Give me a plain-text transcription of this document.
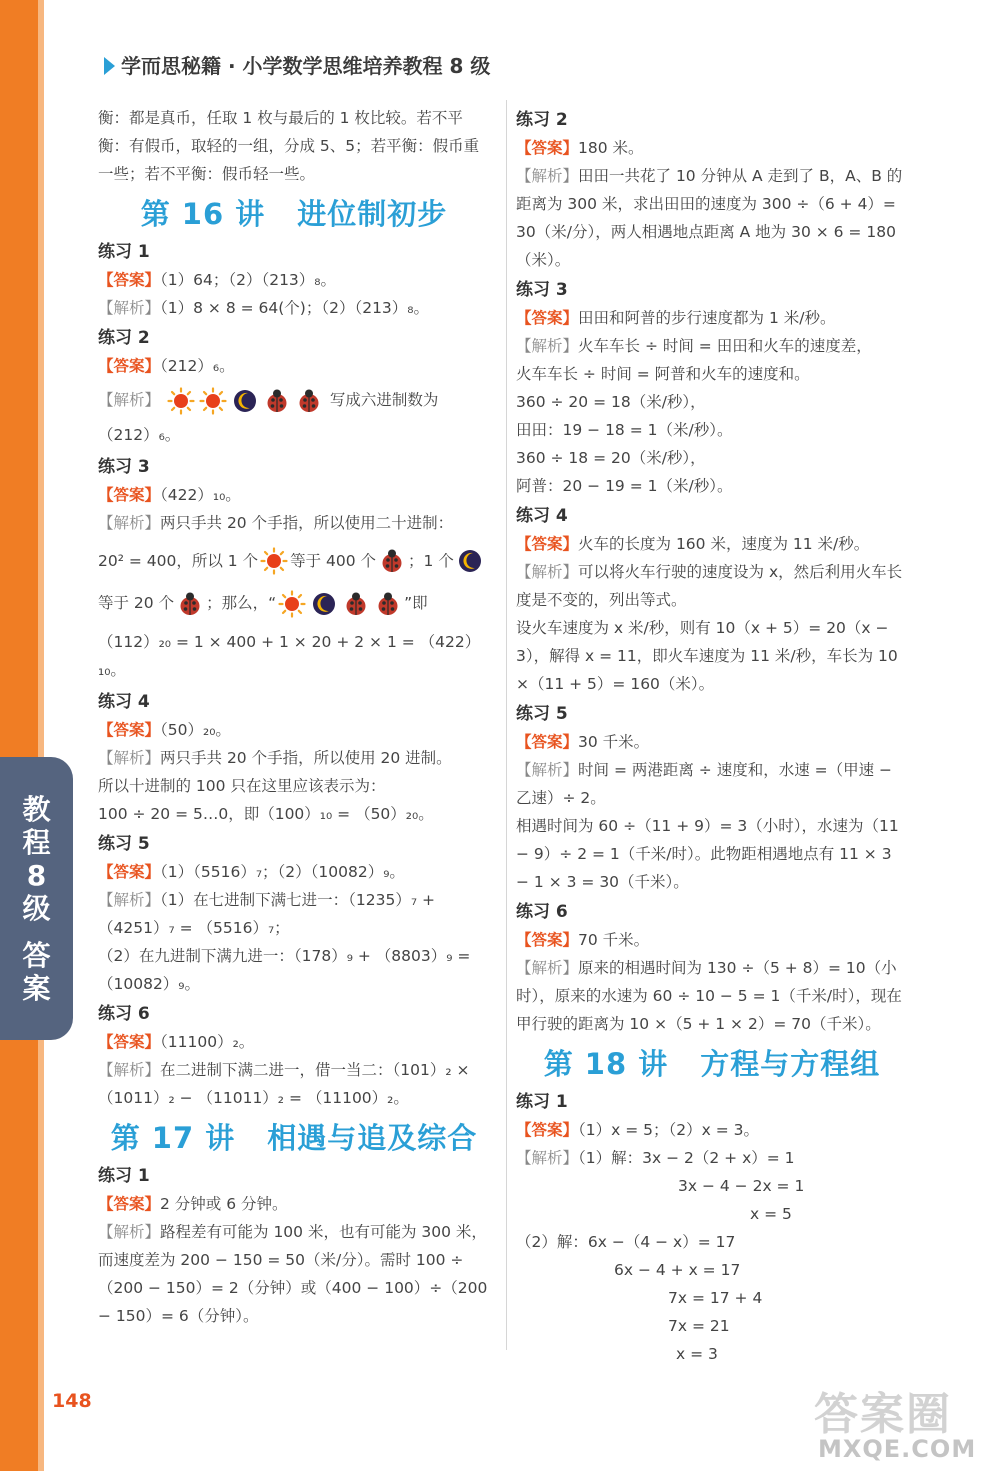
教
程
8
级
答
案
学而思秘籍 · 小学数学思维培养教程 8 级

衡：都是真币，任取 1 枚与最后的 1 枚比较。若不平衡：有假币，取轻的一组，分成 5、5；若平衡：假币重一些；若不平衡：假币轻一些。

第 16 讲 进位制初步
练习 1

【答案】（1）64；（2）（213）₈。

【解析】（1）8 × 8 = 64(个)；（2）（213）₈。

练习 2

【答案】（212）₆。

【解析】	写成六进制数为

（212）₆。

练习 3

【答案】（422）₁₀。

【解析】两只手共 20 个手指，所以使用二十进制：

20² = 400，所以 1 个 等于 400 个 ；1 个

等于 20 个 ；那么，“	”即

（112）₂₀ = 1 × 400 + 1 × 20 + 2 × 1 = （422）₁₀。

练习 4

【答案】（50）₂₀。

【解析】两只手共 20 个手指，所以使用 20 进制。

所以十进制的 100 只在这里应该表示为：

100 ÷ 20 = 5…0，即（100）₁₀ = （50）₂₀。

练习 5

【答案】（1）（5516）₇；（2）（10082）₉。

【解析】（1）在七进制下满七进一：（1235）₇ + （4251）₇ = （5516）₇；

（2）在九进制下满九进一：（178）₉ + （8803）₉ = （10082）₉。

练习 6

【答案】（11100）₂。

【解析】在二进制下满二进一，借一当二：（101）₂ × （1011）₂ − （11011）₂ = （11100）₂。

第 17 讲 相遇与追及综合
练习 1

【答案】2 分钟或 6 分钟。

【解析】路程差有可能为 100 米，也有可能为 300 米，而速度差为 200 − 150 = 50（米/分）。需时 100 ÷（200 − 150）= 2（分钟）或（400 − 100）÷（200 − 150）= 6（分钟）。

练习 2

【答案】180 米。

【解析】田田一共花了 10 分钟从 A 走到了 B，A、B 的距离为 300 米，求出田田的速度为 300 ÷（6 + 4）= 30（米/分），两人相遇地点距离 A 地为 30 × 6 = 180（米）。

练习 3

【答案】田田和阿普的步行速度都为 1 米/秒。

【解析】火车车长 ÷ 时间 = 田田和火车的速度差，

火车车长 ÷ 时间 = 阿普和火车的速度和。

360 ÷ 20 = 18（米/秒），

田田：19 − 18 = 1（米/秒）。

360 ÷ 18 = 20（米/秒），

阿普：20 − 19 = 1（米/秒）。

练习 4

【答案】火车的长度为 160 米，速度为 11 米/秒。

【解析】可以将火车行驶的速度设为 x，然后利用火车长度是不变的，列出等式。

设火车速度为 x 米/秒，则有 10（x + 5）= 20（x − 3），解得 x = 11，即火车速度为 11 米/秒，车长为 10 ×（11 + 5）= 160（米）。

练习 5

【答案】30 千米。

【解析】时间 = 两港距离 ÷ 速度和，水速 =（甲速 − 乙速）÷ 2。

相遇时间为 60 ÷（11 + 9）= 3（小时），水速为（11 − 9）÷ 2 = 1（千米/时）。此物距相遇地点有 11 × 3 − 1 × 3 = 30（千米）。

练习 6

【答案】70 千米。

【解析】原来的相遇时间为 130 ÷（5 + 8）= 10（小时），原来的水速为 60 ÷ 10 − 5 = 1（千米/时），现在甲行驶的距离为 10 ×（5 + 1 × 2）= 70（千米）。

第 18 讲 方程与方程组
练习 1

【答案】（1）x = 5；（2）x = 3。

【解析】（1）解：3x − 2（2 + x）= 1

3x − 4 − 2x = 1

x = 5

（2）解：6x −（4 − x）= 17

6x − 4 + x = 17

7x = 17 + 4

7x = 21

x = 3

148	答案圈
MXQE.COM
